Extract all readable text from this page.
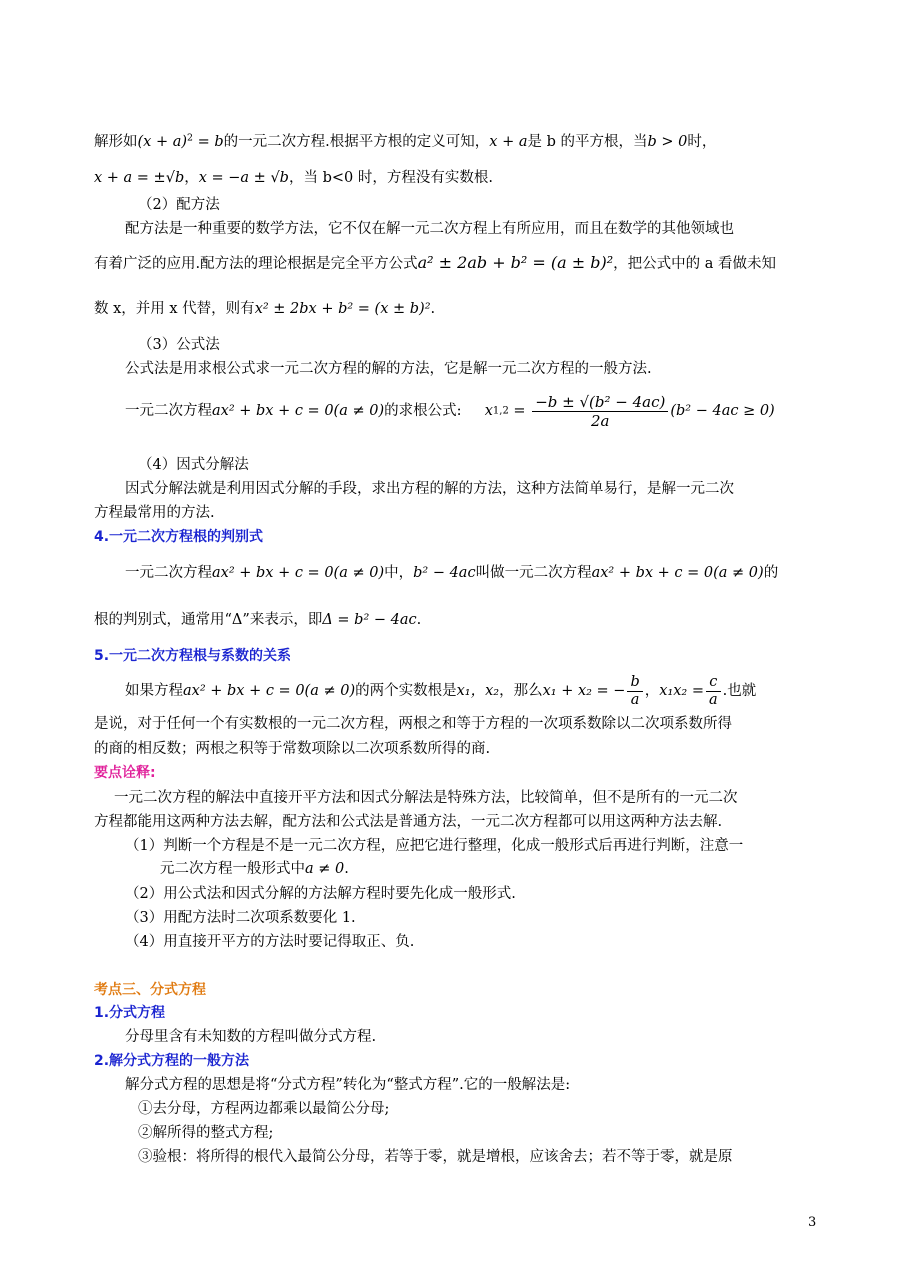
解形如$(x + a)^2 = b$的一元二次方程.根据平方根的定义可知，x + a是 b 的平方根，当b > 0时，
x + a = ±√b，x = −a ± √b，当 b<0 时，方程没有实数根.
（2）配方法
配方法是一种重要的数学方法，它不仅在解一元二次方程上有所应用，而且在数学的其他领域也
有着广泛的应用.配方法的理论根据是完全平方公式a² ± 2ab + b² = (a ± b)²，把公式中的 a 看做未知
数 x，并用 x 代替，则有x² ± 2bx + b² = (x ± b)².
（3）公式法
公式法是用求根公式求一元二次方程的解的方法，它是解一元二次方程的一般方法.
一元二次方程ax² + bx + c = 0(a ≠ 0)的求根公式: $x1,2 = \frac{\text{−b ± √(b² − 4ac)}}{2a} (b^2 - 4ac \ge 0)$
（4）因式分解法
因式分解法就是利用因式分解的手段，求出方程的解的方法，这种方法简单易行，是解一元二次
方程最常用的方法.
4.一元二次方程根的判别式
一元二次方程ax² + bx + c = 0(a ≠ 0)中，b² − 4ac叫做一元二次方程ax² + bx + c = 0(a ≠ 0)的
根的判别式，通常用“Δ”来表示，即Δ = b² − 4ac.
5.一元二次方程根与系数的关系
如果方程ax² + bx + c = 0(a ≠ 0)的两个实数根是x₁，x₂，那么x₁ + x₂ = − $\frac{b}{a}$ ，$x_1x_2 = \frac{c}{a}$ .也就
是说，对于任何一个有实数根的一元二次方程，两根之和等于方程的一次项系数除以二次项系数所得
的商的相反数；两根之积等于常数项除以二次项系数所得的商.
要点诠释:
一元二次方程的解法中直接开平方法和因式分解法是特殊方法，比较简单，但不是所有的一元二次
方程都能用这两种方法去解，配方法和公式法是普通方法，一元二次方程都可以用这两种方法去解.
（1）判断一个方程是不是一元二次方程，应把它进行整理，化成一般形式后再进行判断，注意一
元二次方程一般形式中a ≠ 0.
（2）用公式法和因式分解的方法解方程时要先化成一般形式.
（3）用配方法时二次项系数要化 1.
（4）用直接开平方的方法时要记得取正、负.
考点三、分式方程
1.分式方程
分母里含有未知数的方程叫做分式方程.
2.解分式方程的一般方法
解分式方程的思想是将“分式方程”转化为“整式方程”.它的一般解法是:
①去分母，方程两边都乘以最简公分母;
②解所得的整式方程;
③验根：将所得的根代入最简公分母，若等于零，就是增根，应该舍去；若不等于零，就是原
3
